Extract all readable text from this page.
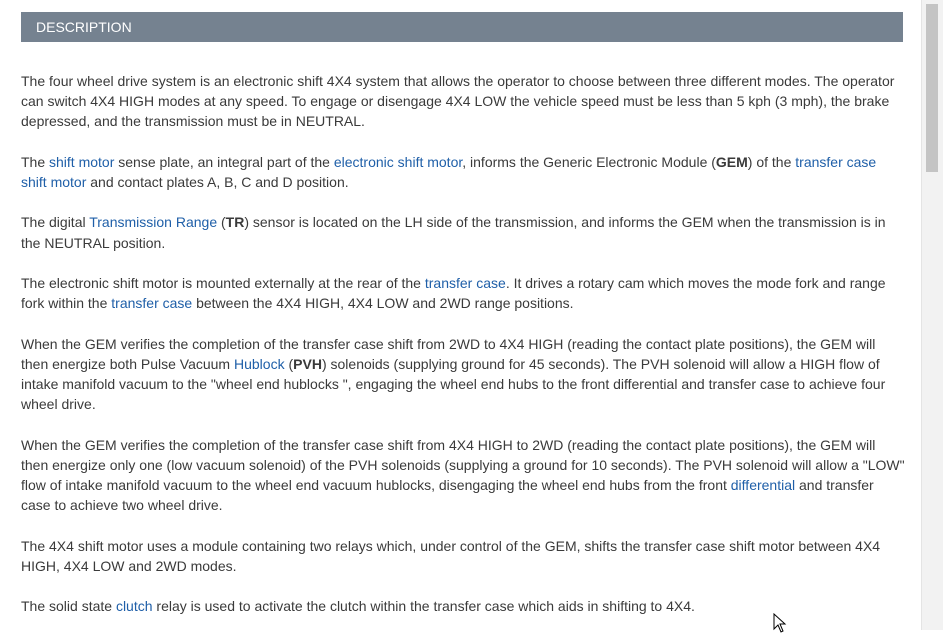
DESCRIPTION

The four wheel drive system is an electronic shift 4X4 system that allows the operator to choose between three different modes. The operator can switch 4X4 HIGH modes at any speed. To engage or disengage 4X4 LOW the vehicle speed must be less than 5 kph (3 mph), the brake depressed, and the transmission must be in NEUTRAL.

The shift motor sense plate, an integral part of the electronic shift motor, informs the Generic Electronic Module (GEM) of the transfer case shift motor and contact plates A, B, C and D position.

The digital Transmission Range (TR) sensor is located on the LH side of the transmission, and informs the GEM when the transmission is in the NEUTRAL position.

The electronic shift motor is mounted externally at the rear of the transfer case. It drives a rotary cam which moves the mode fork and range fork within the transfer case between the 4X4 HIGH, 4X4 LOW and 2WD range positions.

When the GEM verifies the completion of the transfer case shift from 2WD to 4X4 HIGH (reading the contact plate positions), the GEM will then energize both Pulse Vacuum Hublock (PVH) solenoids (supplying ground for 45 seconds). The PVH solenoid will allow a HIGH flow of intake manifold vacuum to the "wheel end hublocks ", engaging the wheel end hubs to the front differential and transfer case to achieve four wheel drive.

When the GEM verifies the completion of the transfer case shift from 4X4 HIGH to 2WD (reading the contact plate positions), the GEM will then energize only one (low vacuum solenoid) of the PVH solenoids (supplying a ground for 10 seconds). The PVH solenoid will allow a "LOW" flow of intake manifold vacuum to the wheel end vacuum hublocks, disengaging the wheel end hubs from the front differential and transfer case to achieve two wheel drive.

The 4X4 shift motor uses a module containing two relays which, under control of the GEM, shifts the transfer case shift motor between 4X4 HIGH, 4X4 LOW and 2WD modes.

The solid state clutch relay is used to activate the clutch within the transfer case which aids in shifting to 4X4.
